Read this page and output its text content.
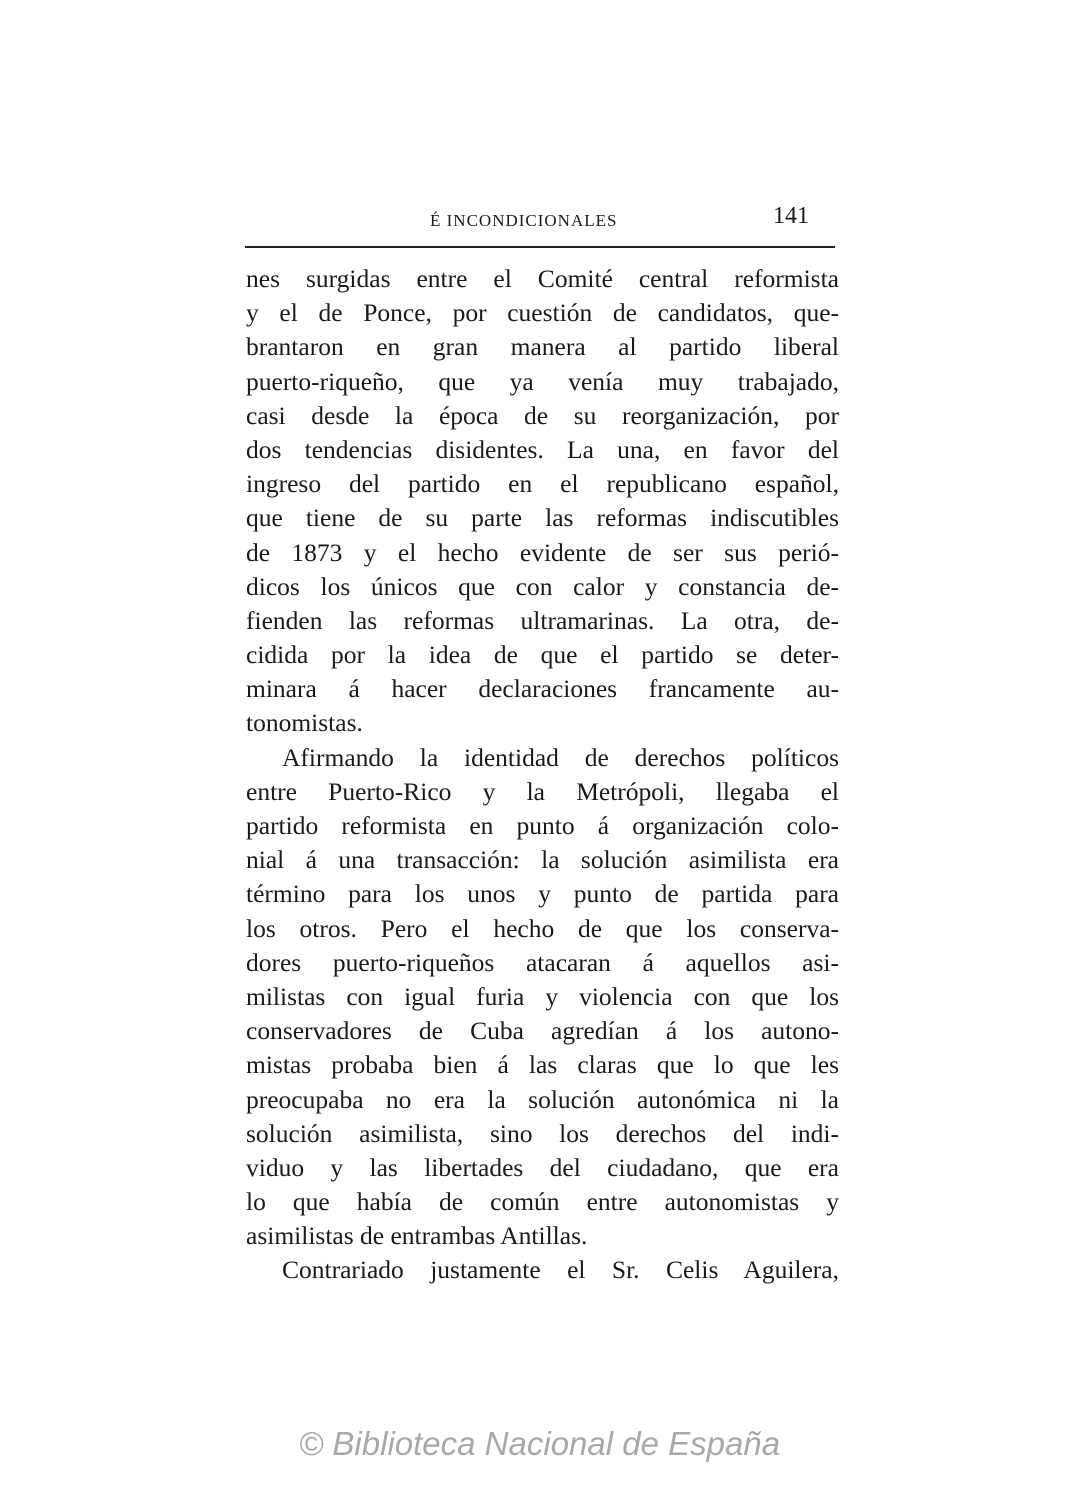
É INCONDICIONALES	141
nes surgidas entre el Comité central reformista
y el de Ponce, por cuestión de candidatos, que-
brantaron en gran manera al partido liberal
puerto-riqueño, que ya venía muy trabajado,
casi desde la época de su reorganización, por
dos tendencias disidentes. La una, en favor del
ingreso del partido en el republicano español,
que tiene de su parte las reformas indiscutibles
de 1873 y el hecho evidente de ser sus perió-
dicos los únicos que con calor y constancia de-
fienden las reformas ultramarinas. La otra, de-
cidida por la idea de que el partido se deter-
minara á hacer declaraciones francamente au-
tonomistas.
Afirmando la identidad de derechos políticos
entre Puerto-Rico y la Metrópoli, llegaba el
partido reformista en punto á organización colo-
nial á una transacción: la solución asimilista era
término para los unos y punto de partida para
los otros. Pero el hecho de que los conserva-
dores puerto-riqueños atacaran á aquellos asi-
milistas con igual furia y violencia con que los
conservadores de Cuba agredían á los autono-
mistas probaba bien á las claras que lo que les
preocupaba no era la solución autonómica ni la
solución asimilista, sino los derechos del indi-
viduo y las libertades del ciudadano, que era
lo que había de común entre autonomistas y
asimilistas de entrambas Antillas.
Contrariado justamente el Sr. Celis Aguilera,
© Biblioteca Nacional de España
